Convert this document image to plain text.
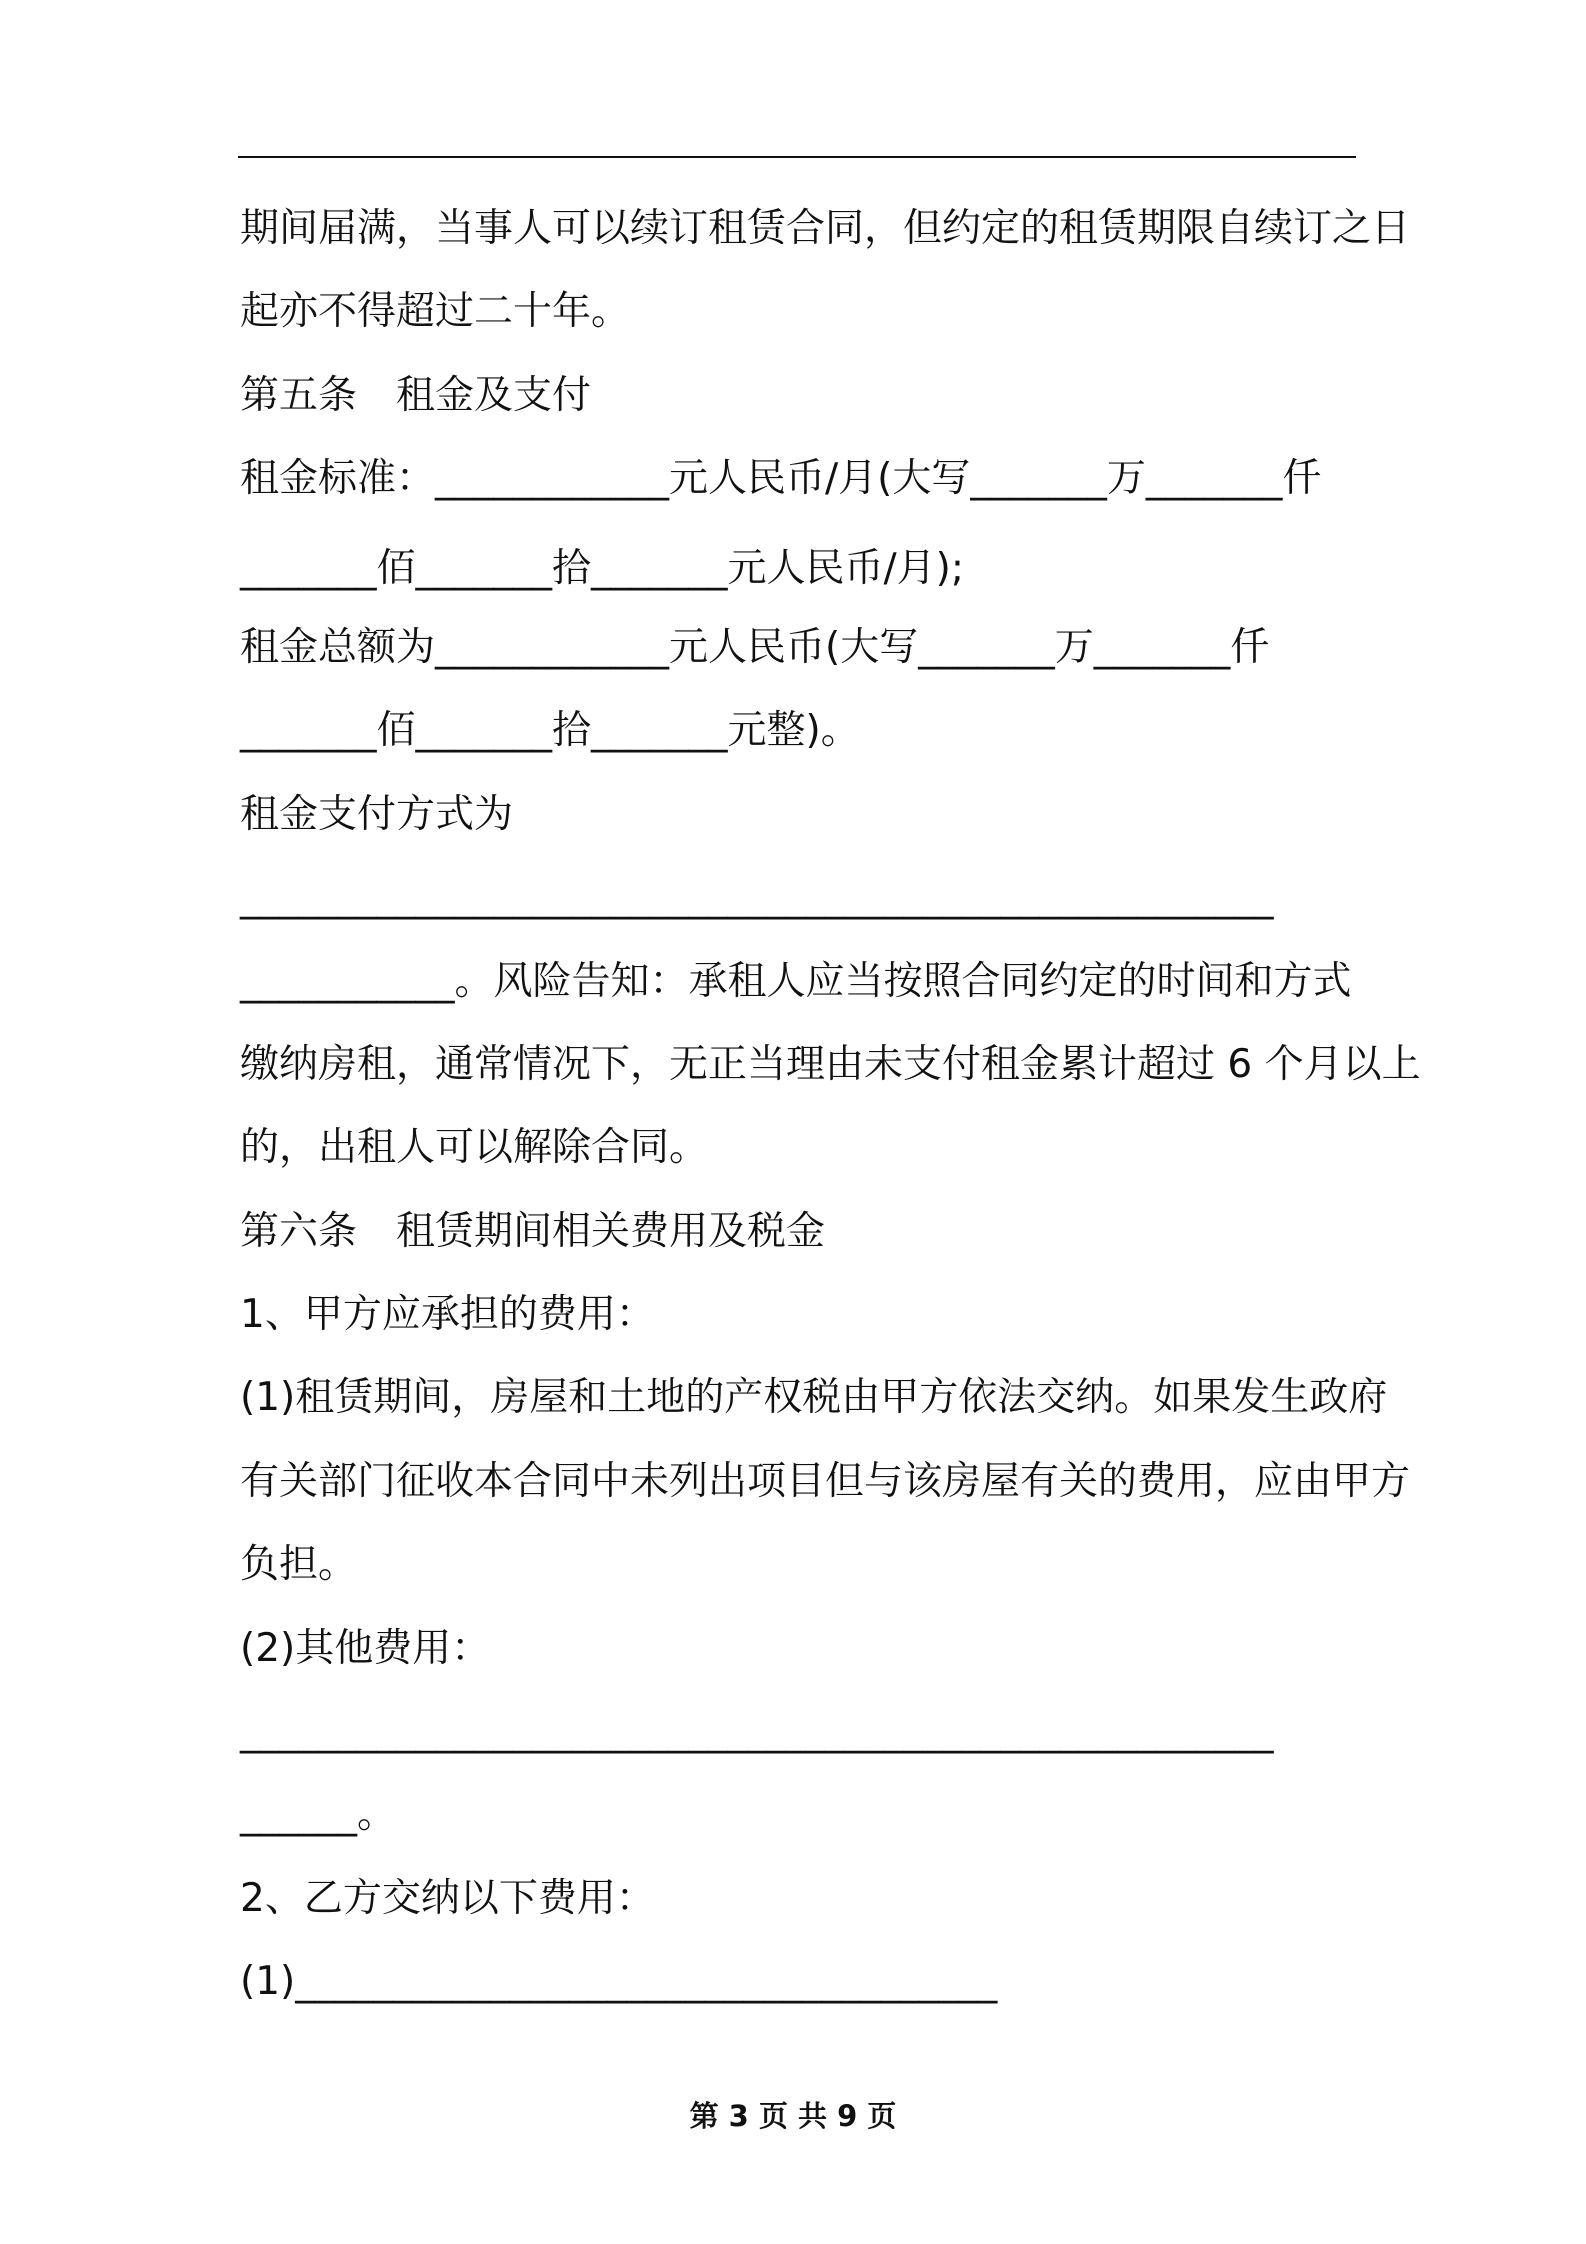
期间届满，当事人可以续订租赁合同，但约定的租赁期限自续订之日

起亦不得超过二十年。

第五条　租金及支付

租金标准：____________元人民币/月(大写_______万_______仟

_______佰_______拾_______元人民币/月);

租金总额为____________元人民币(大写_______万_______仟

_______佰_______拾_______元整)。

租金支付方式为

_____________________________________________________

___________。风险告知：承租人应当按照合同约定的时间和方式

缴纳房租，通常情况下，无正当理由未支付租金累计超过 6 个月以上

的，出租人可以解除合同。

第六条　租赁期间相关费用及税金

1、甲方应承担的费用：

(1)租赁期间，房屋和土地的产权税由甲方依法交纳。如果发生政府

有关部门征收本合同中未列出项目但与该房屋有关的费用，应由甲方

负担。

(2)其他费用：

_____________________________________________________

______。

2、乙方交纳以下费用：

(1)____________________________________

第 3 页 共 9 页
